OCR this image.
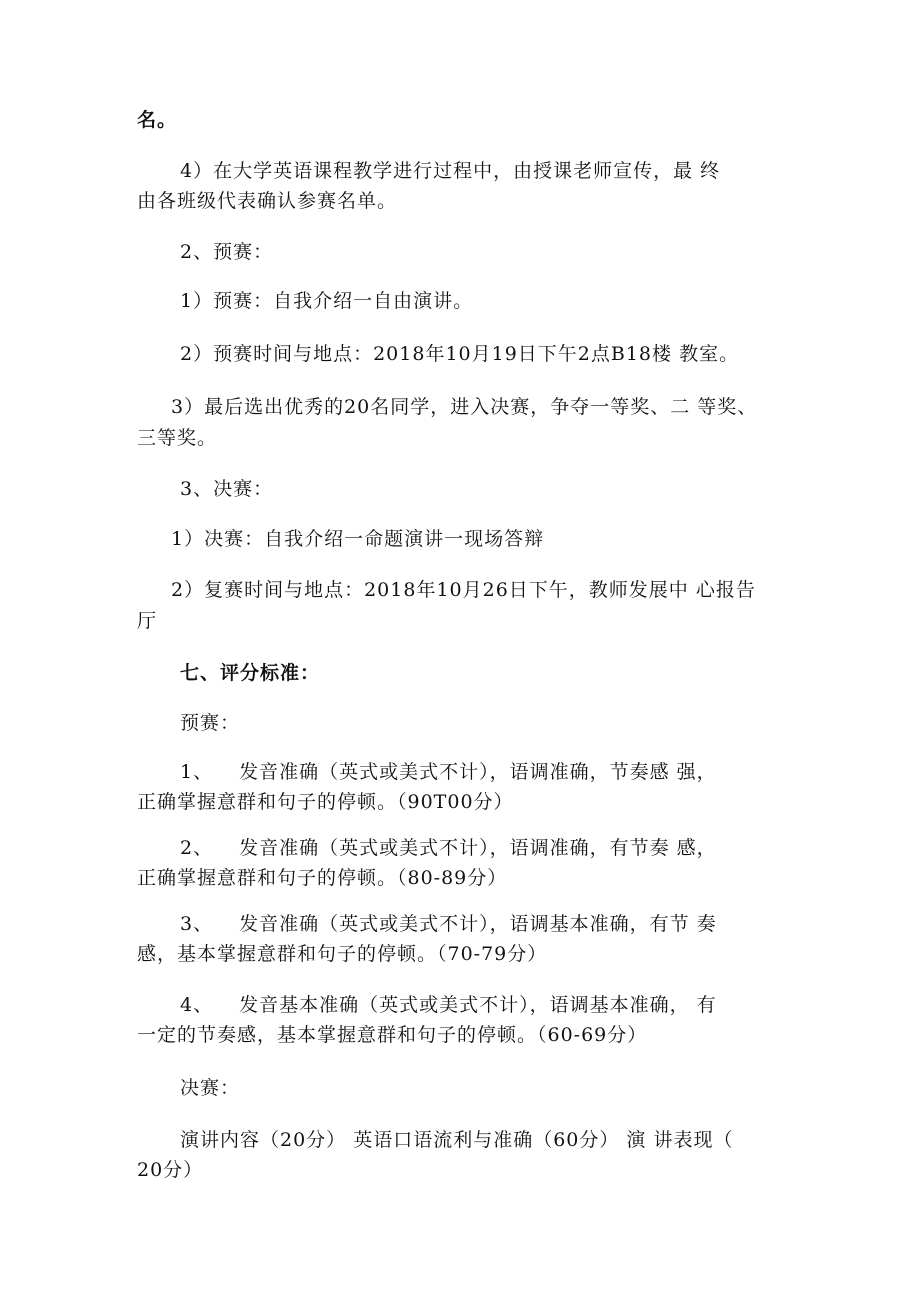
名。

4）在大学英语课程教学进行过程中，由授课老师宣传，最 终

由各班级代表确认参赛名单。

2、预赛：

1）预赛：自我介绍一自由演讲。

2）预赛时间与地点：2018年10月19日下午2点B18楼 教室。

3）最后选出优秀的20名同学，进入决赛，争夺一等奖、二 等奖、

三等奖。

3、决赛：

1）决赛：自我介绍一命题演讲一现场答辩

2）复赛时间与地点：2018年10月26日下午，教师发展中 心报告

厅

七、评分标准：

预赛：

1、 发音准确（英式或美式不计），语调准确，节奏感 强，

正确掌握意群和句子的停顿。（90T00分）

2、 发音准确（英式或美式不计），语调准确，有节奏 感，

正确掌握意群和句子的停顿。（80-89分）

3、 发音准确（英式或美式不计），语调基本准确，有节 奏

感，基本掌握意群和句子的停顿。（70-79分）

4、 发音基本准确（英式或美式不计），语调基本准确， 有

一定的节奏感，基本掌握意群和句子的停顿。（60-69分）

决赛：

演讲内容（20分） 英语口语流利与准确（60分） 演 讲表现（

20分）
